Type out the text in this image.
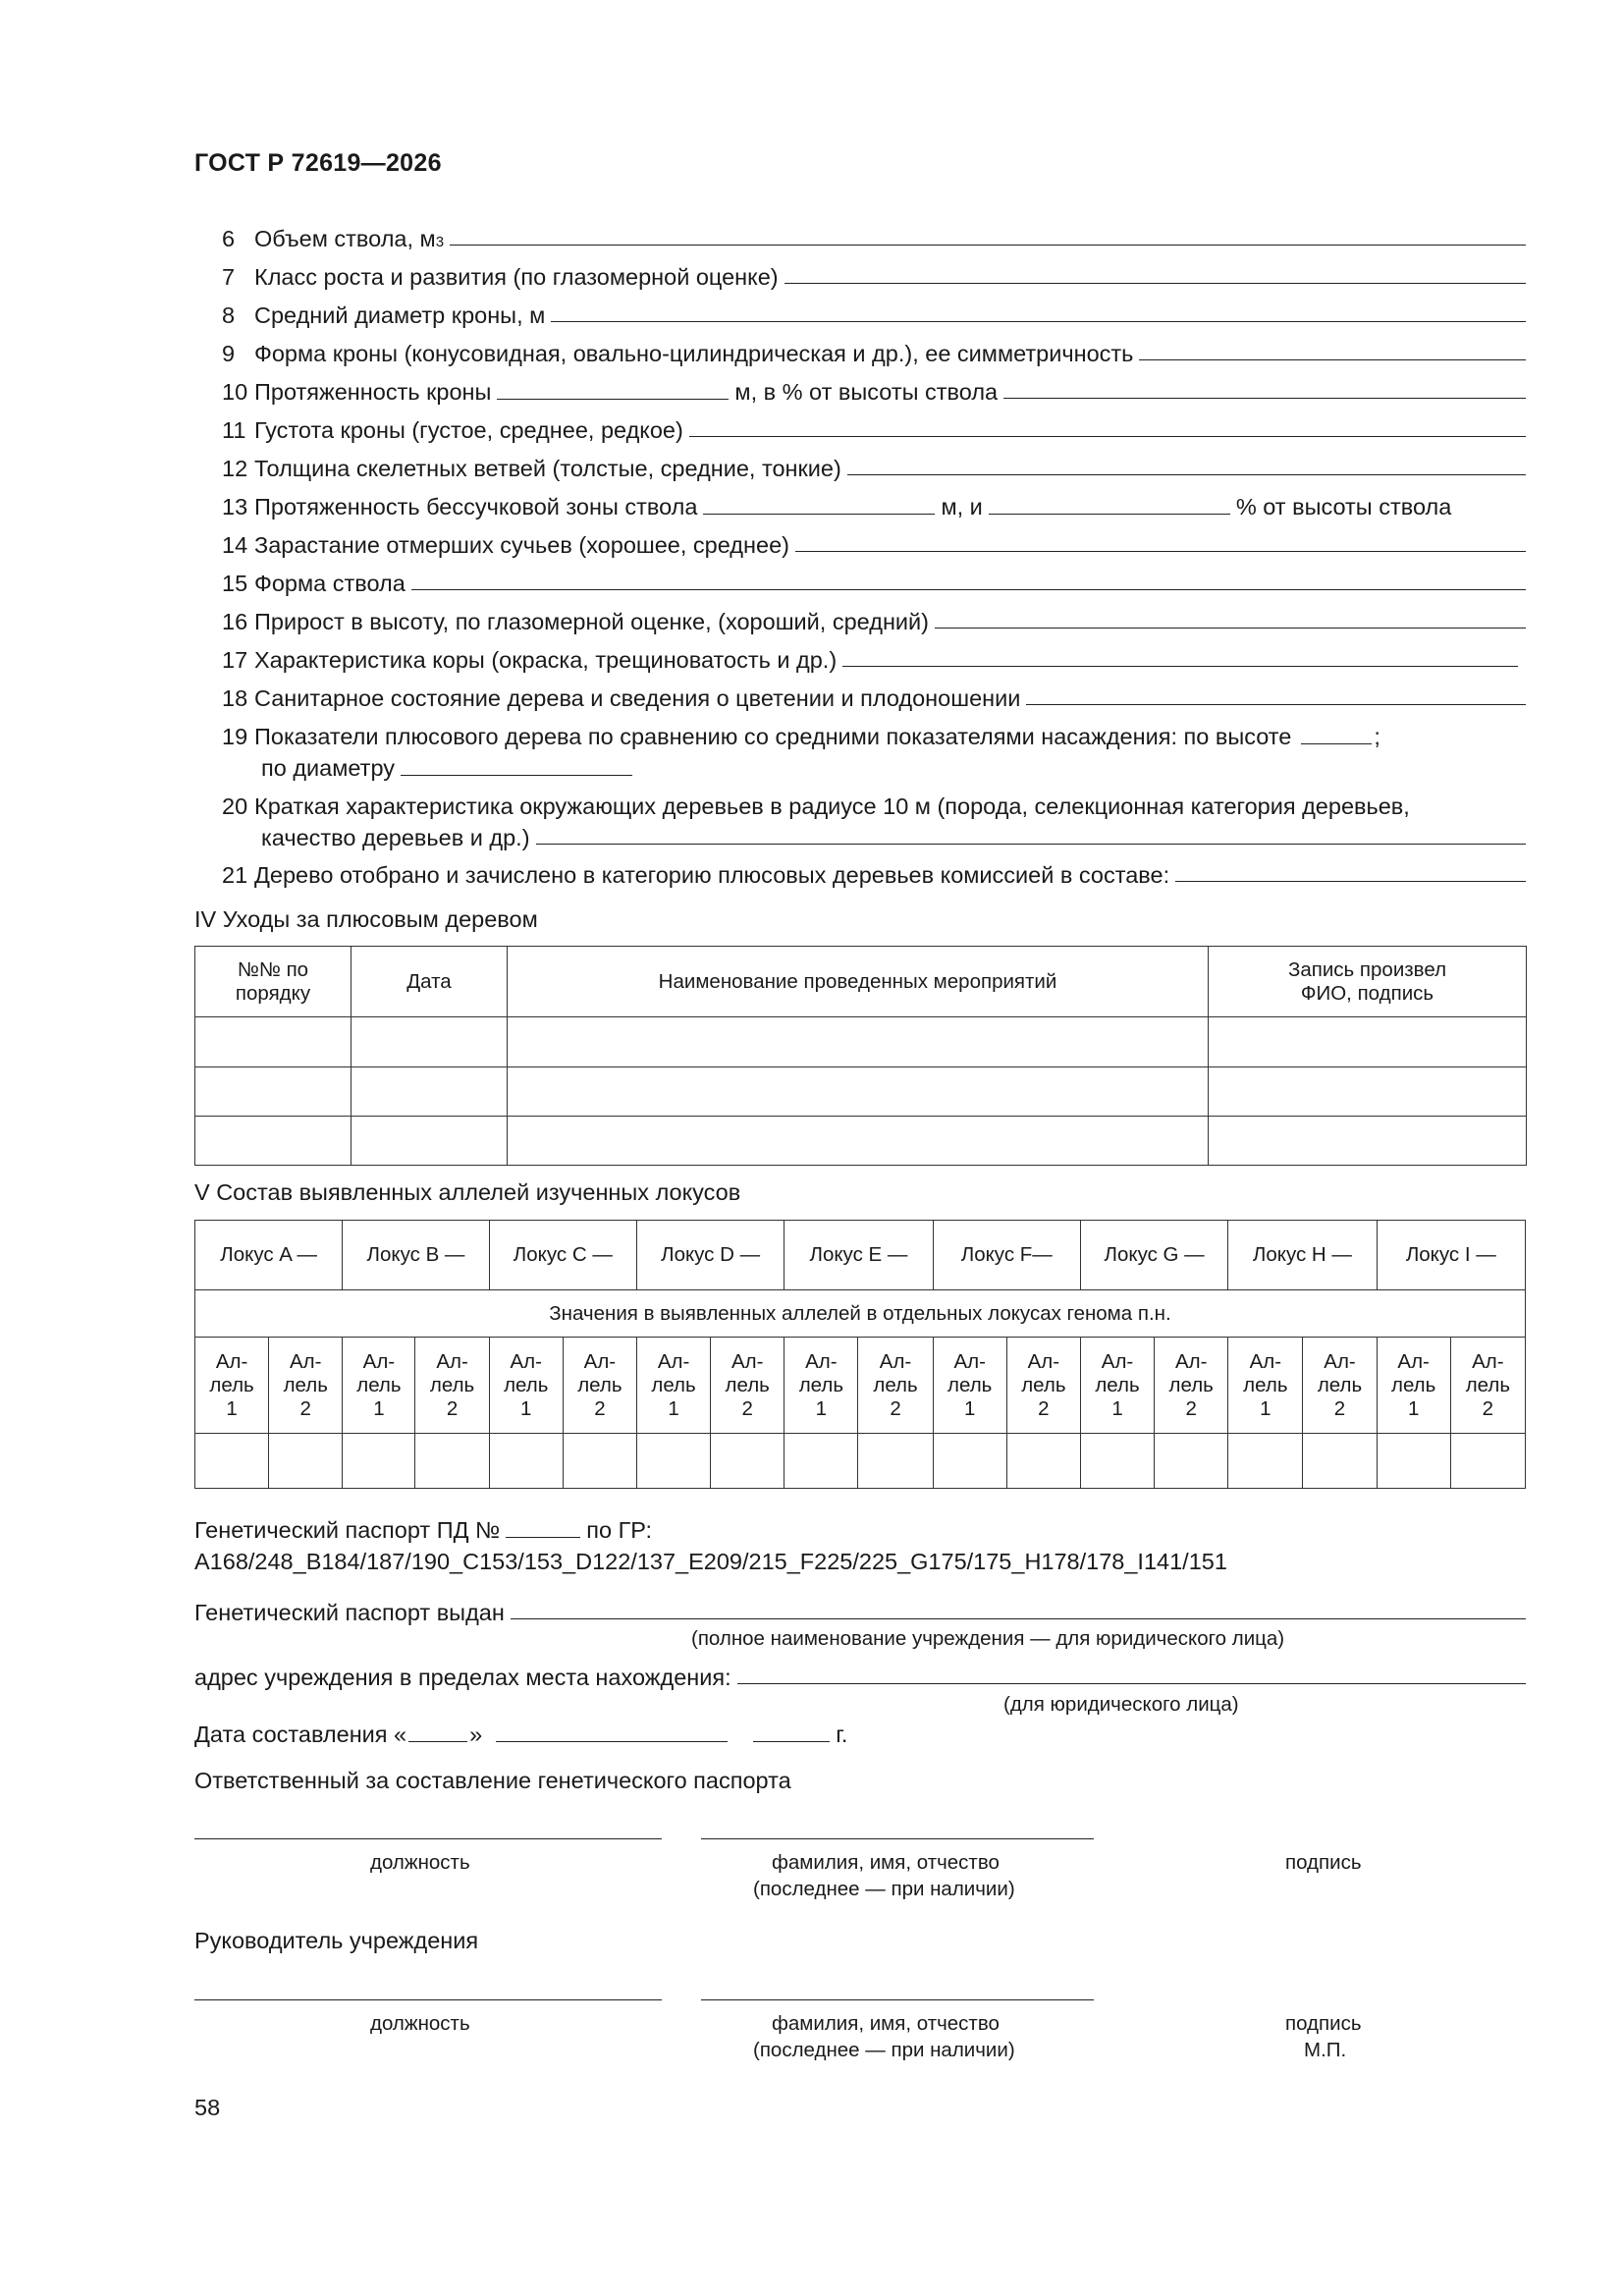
ГОСТ Р 72619—2026
6 Объем ствола, м 3
7 Класс роста и развития (по глазомерной оценке)
8 Средний диаметр кроны, м
9 Форма кроны (конусовидная, овально-цилиндрическая и др.), ее симметричность
10 Протяженность кроны	м, в % от высоты ствола
11 Густота кроны (густое, среднее, редкое)
12 Толщина скелетных ветвей (толстые, средние, тонкие)
13 Протяженность бессучковой зоны ствола	м, и	% от высоты ствола
14 Зарастание отмерших сучьев (хорошее, среднее)
15 Форма ствола
16 Прирост в высоту, по глазомерной оценке, (хороший, средний)
17 Характеристика коры (окраска, трещиноватость и др.)
18 Санитарное состояние дерева и сведения о цветении и плодоношении
19 Показатели плюсового дерева по сравнению со средними показателями насаждения: по высоте	;
по диаметру
20 Краткая характеристика окружающих деревьев в радиусе 10 м (порода, селекционная категория деревьев,
качество деревьев и др.)
21 Дерево отобрано и зачислено в категорию плюсовых деревьев комиссией в составе:
IV Уходы за плюсовым деревом
№№ по порядку	Дата	Наименование проведенных мероприятий	Запись произвел ФИО, подпись

V Состав выявленных аллелей изученных локусов
Локус A —		Локус B —		Локус C —		Локус D —		Локус E —		Локус F—		Локус G —		Локус H —		Локус I —	
Значения в выявленных аллелей в отдельных локусах генома п.н.																	
Ал-
лель
1	Ал-
лель
2	Ал-
лель
1	Ал-
лель
2	Ал-
лель
1	Ал-
лель
2	Ал-
лель
1	Ал-
лель
2	Ал-
лель
1	Ал-
лель
2	Ал-
лель
1	Ал-
лель
2	Ал-
лель
1	Ал-
лель
2	Ал-
лель
1	Ал-
лель
2	Ал-
лель
1	Ал-
лель
2

Генетический паспорт ПД №	по ГР:
A168/248_B184/187/190_C153/153_D122/137_E209/215_F225/225_G175/175_H178/178_I141/151
Генетический паспорт выдан
(полное наименование учреждения — для юридического лица)
адрес учреждения в пределах места нахождения:
(для юридического лица)
Дата составления «	»	г.
Ответственный за составление генетического паспорта
должность	фамилия, имя, отчество
(последнее — при наличии)
подпись
Руководитель учреждения
должность	фамилия, имя, отчество
(последнее — при наличии)
подпись
М.П.
58
